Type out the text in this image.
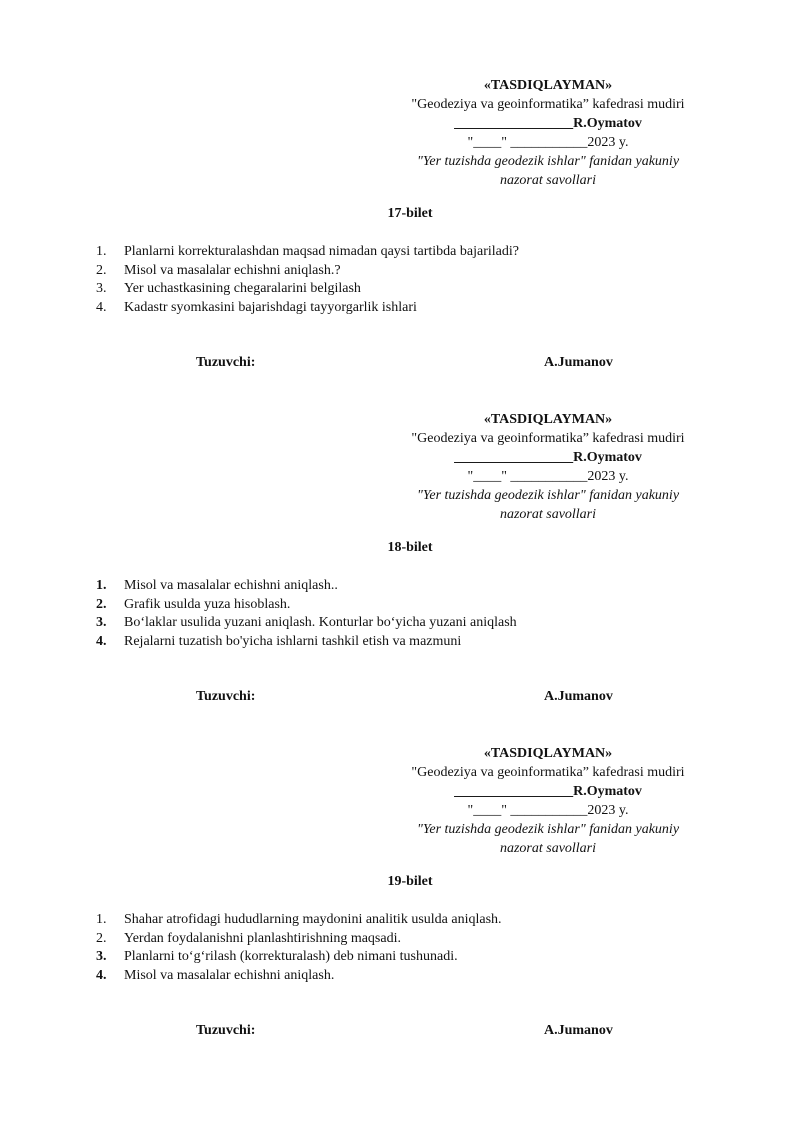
«TASDIQLAYMAN»
"Geodeziya va geoinformatika” kafedrasi mudiri
_________________R.Oymatov
"____" ___________2023 y.
"Yer tuzishda geodezik ishlar" fanidan yakuniy
nazorat savollari
17-bilet
1.	Planlarni korrekturalashdan maqsad nimadan qaysi tartibda bajariladi?
2.	Misol va masalalar echishni aniqlash.?
3.	Yer uchastkasining chegaralarini belgilash
4.	Kadastr syomkasini bajarishdagi tayyorgarlik ishlari
Tuzuvchi:	A.Jumanov
«TASDIQLAYMAN»
"Geodeziya va geoinformatika” kafedrasi mudiri
_________________R.Oymatov
"____" ___________2023 y.
"Yer tuzishda geodezik ishlar" fanidan yakuniy
nazorat savollari
18-bilet
1.	Misol va masalalar echishni aniqlash..
2.	Grafik usulda yuza hisoblash.
3.	Bo‘laklar usulida yuzani aniqlash. Konturlar bo‘yicha yuzani aniqlash
4.	Rejalarni tuzatish bo'yicha ishlarni tashkil etish va mazmuni
Tuzuvchi:	A.Jumanov
«TASDIQLAYMAN»
"Geodeziya va geoinformatika” kafedrasi mudiri
_________________R.Oymatov
"____" ___________2023 y.
"Yer tuzishda geodezik ishlar" fanidan yakuniy
nazorat savollari
19-bilet
1.	Shahar atrofidagi hududlarning maydonini analitik usulda aniqlash.
2.	Yerdan foydalanishni planlashtirishning maqsadi.
3.	Planlarni to‘g‘rilash (korrekturalash) deb nimani tushunadi.
4.	Misol va masalalar echishni aniqlash.
Tuzuvchi:	A.Jumanov
